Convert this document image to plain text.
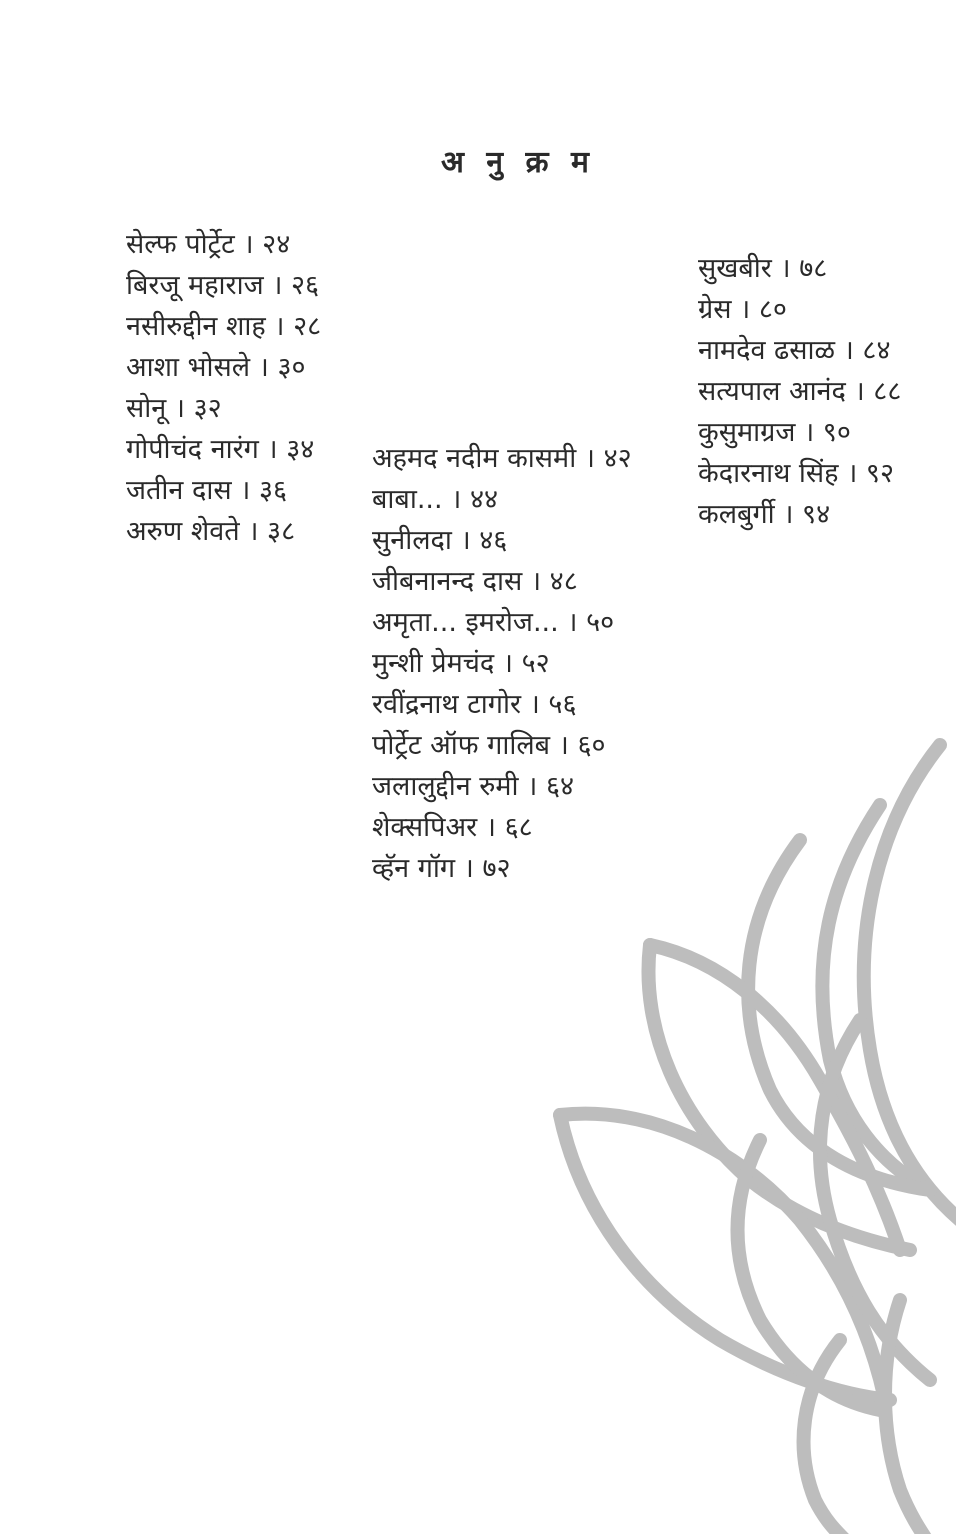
अ नु क्र म
सेल्फ पोर्ट्रेट । २४
बिरजू महाराज । २६
नसीरुद्दीन शाह । २८
आशा भोसले । ३०
सोनू । ३२
गोपीचंद नारंग । ३४
जतीन दास । ३६
अरुण शेवते । ३८
अहमद नदीम कासमी । ४२
बाबा... । ४४
सुनीलदा । ४६
जीबनानन्द दास । ४८
अमृता... इमरोज... । ५०
मुन्शी प्रेमचंद । ५२
रवींद्रनाथ टागोर । ५६
पोर्ट्रेट ऑफ गालिब । ६०
जलालुद्दीन रुमी । ६४
शेक्सपिअर । ६८
व्हॅन गॉग । ७२
सुखबीर । ७८
ग्रेस । ८०
नामदेव ढसाळ । ८४
सत्यपाल आनंद । ८८
कुसुमाग्रज । ९०
केदारनाथ सिंह । ९२
कलबुर्गी । ९४
